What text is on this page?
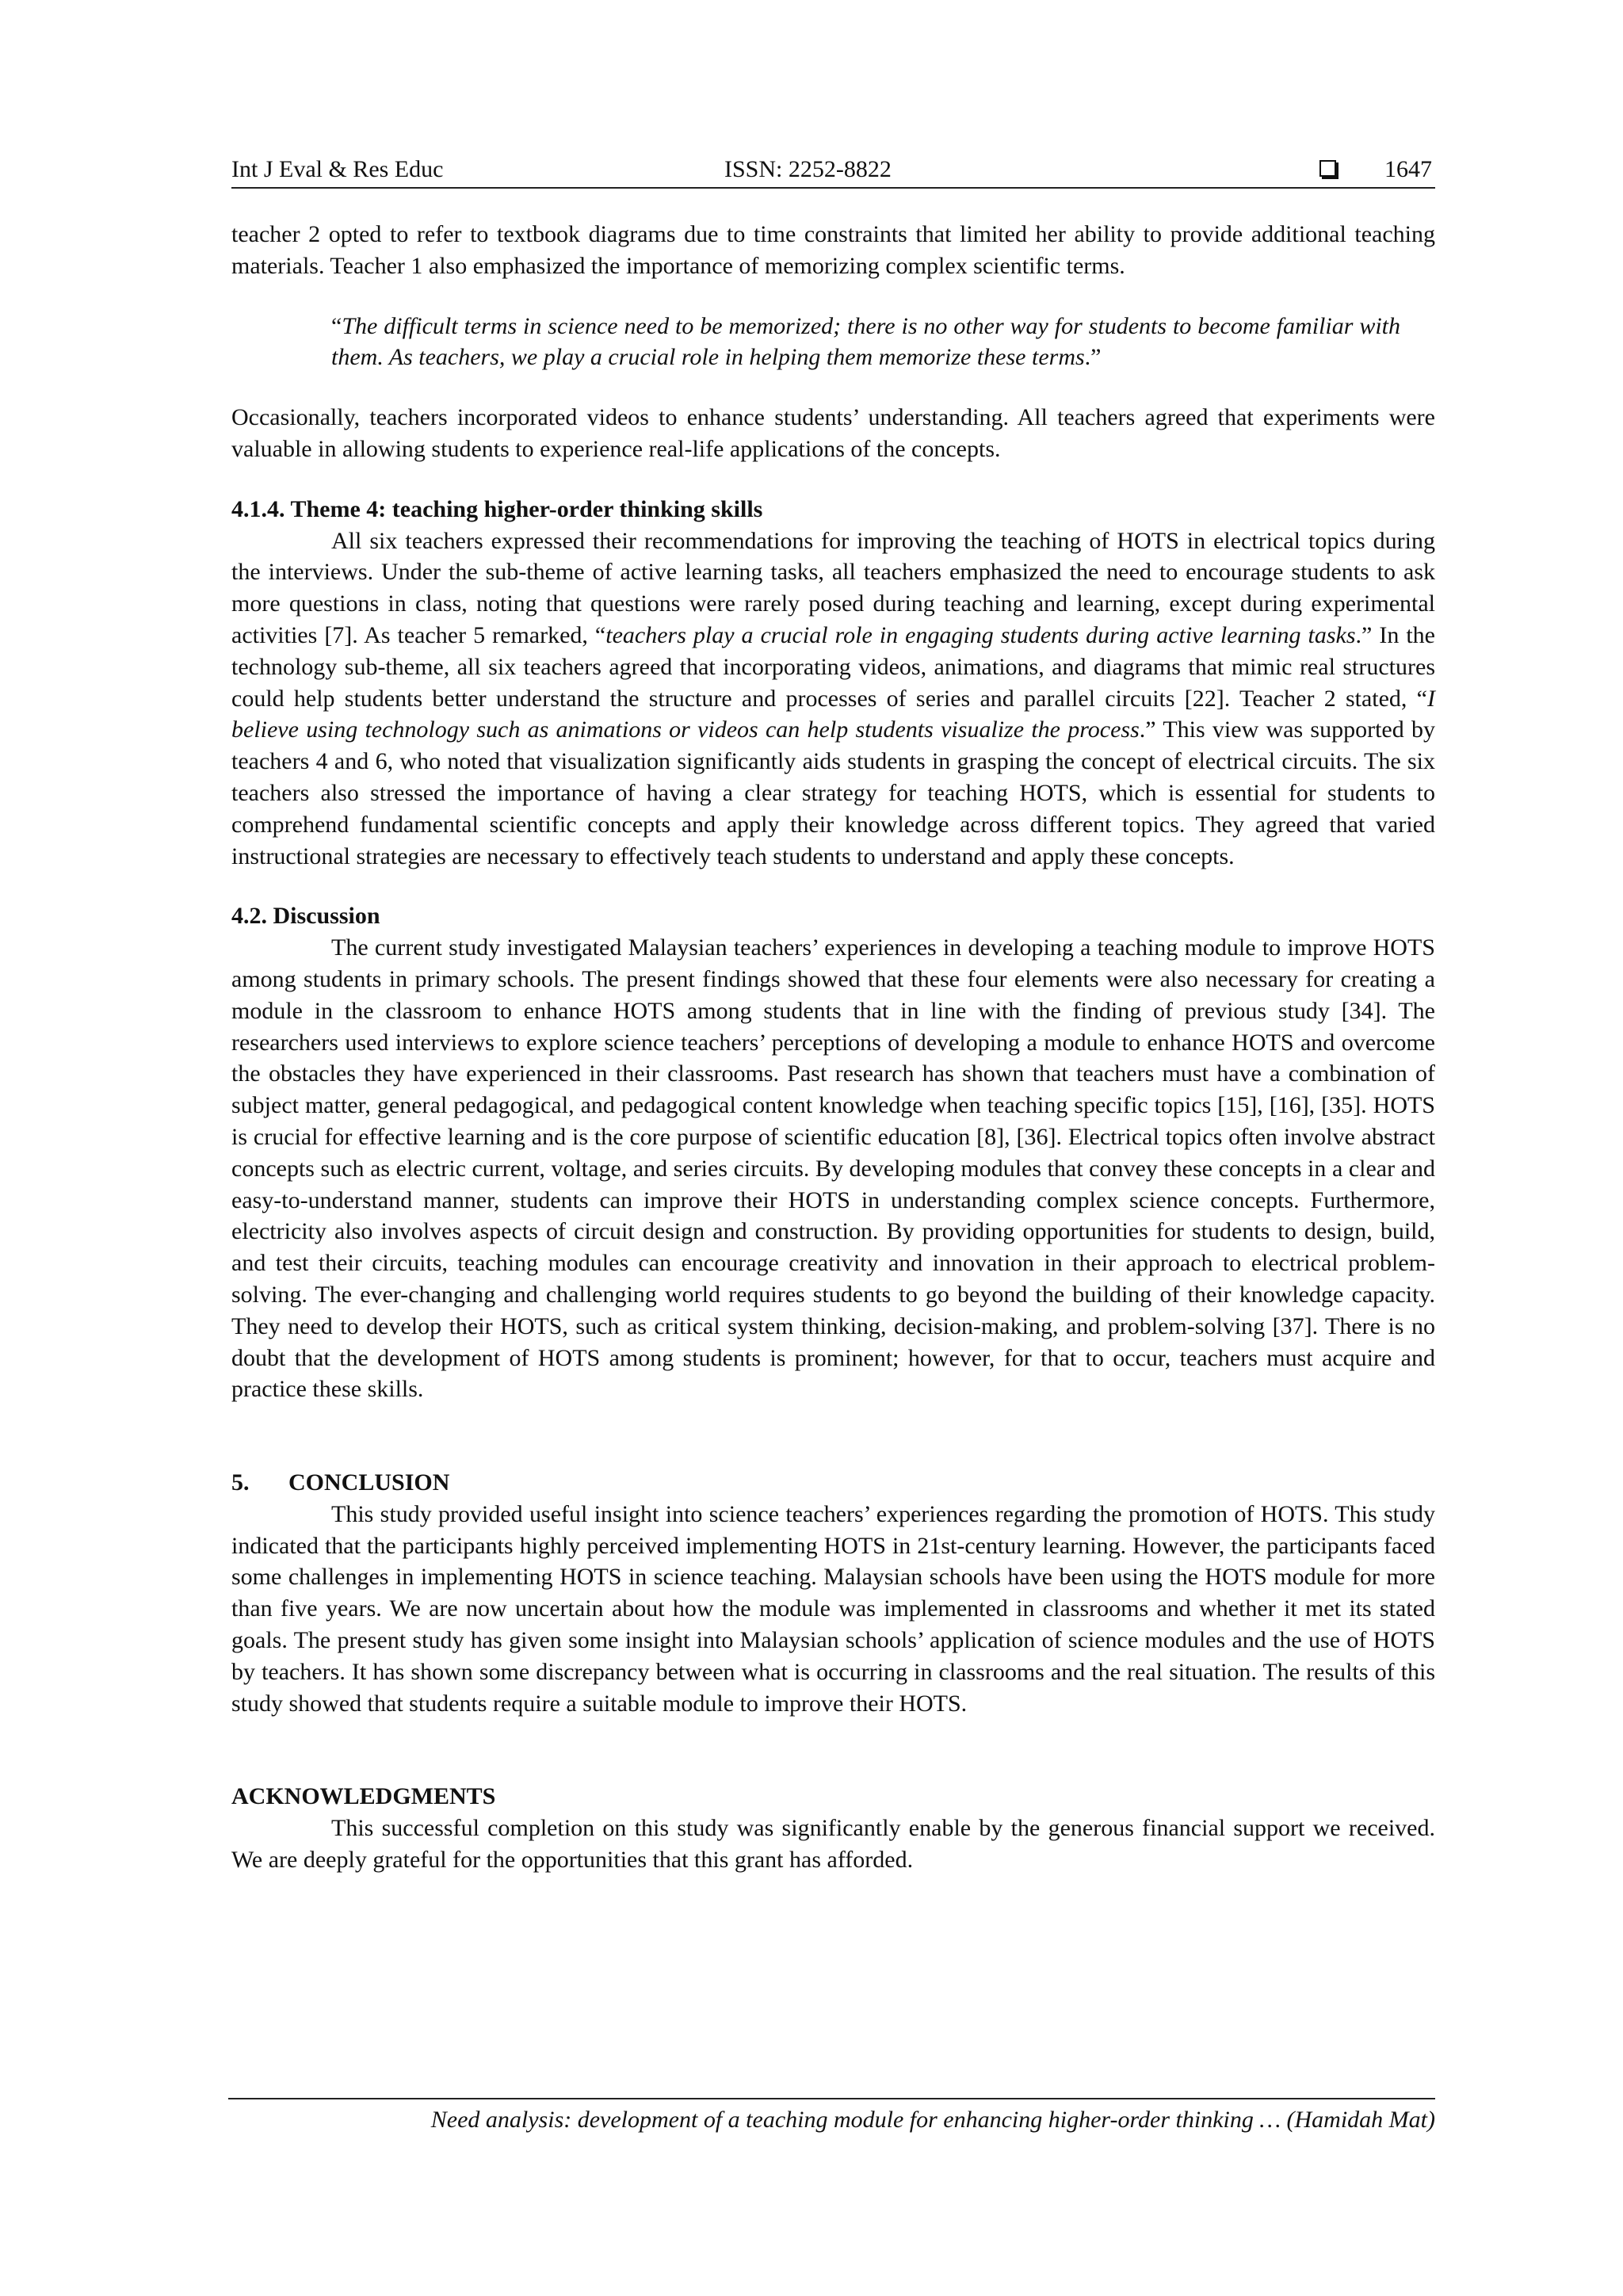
Int J Eval & Res Educ	ISSN: 2252-8822	1647

teacher 2 opted to refer to textbook diagrams due to time constraints that limited her ability to provide additional teaching materials. Teacher 1 also emphasized the importance of memorizing complex scientific terms.

“The difficult terms in science need to be memorized; there is no other way for students to become familiar with them. As teachers, we play a crucial role in helping them memorize these terms.”

Occasionally, teachers incorporated videos to enhance students’ understanding. All teachers agreed that experiments were valuable in allowing students to experience real-life applications of the concepts.

4.1.4. Theme 4: teaching higher-order thinking skills

All six teachers expressed their recommendations for improving the teaching of HOTS in electrical topics during the interviews. Under the sub-theme of active learning tasks, all teachers emphasized the need to encourage students to ask more questions in class, noting that questions were rarely posed during teaching and learning, except during experimental activities [7]. As teacher 5 remarked, “teachers play a crucial role in engaging students during active learning tasks.” In the technology sub-theme, all six teachers agreed that incorporating videos, animations, and diagrams that mimic real structures could help students better understand the structure and processes of series and parallel circuits [22]. Teacher 2 stated, “I believe using technology such as animations or videos can help students visualize the process.” This view was supported by teachers 4 and 6, who noted that visualization significantly aids students in grasping the concept of electrical circuits. The six teachers also stressed the importance of having a clear strategy for teaching HOTS, which is essential for students to comprehend fundamental scientific concepts and apply their knowledge across different topics. They agreed that varied instructional strategies are necessary to effectively teach students to understand and apply these concepts.

4.2. Discussion

The current study investigated Malaysian teachers’ experiences in developing a teaching module to improve HOTS among students in primary schools. The present findings showed that these four elements were also necessary for creating a module in the classroom to enhance HOTS among students that in line with the finding of previous study [34]. The researchers used interviews to explore science teachers’ perceptions of developing a module to enhance HOTS and overcome the obstacles they have experienced in their classrooms. Past research has shown that teachers must have a combination of subject matter, general pedagogical, and pedagogical content knowledge when teaching specific topics [15], [16], [35]. HOTS is crucial for effective learning and is the core purpose of scientific education [8], [36]. Electrical topics often involve abstract concepts such as electric current, voltage, and series circuits. By developing modules that convey these concepts in a clear and easy-to-understand manner, students can improve their HOTS in understanding complex science concepts. Furthermore, electricity also involves aspects of circuit design and construction. By providing opportunities for students to design, build, and test their circuits, teaching modules can encourage creativity and innovation in their approach to electrical problem-solving. The ever-changing and challenging world requires students to go beyond the building of their knowledge capacity. They need to develop their HOTS, such as critical system thinking, decision-making, and problem-solving [37]. There is no doubt that the development of HOTS among students is prominent; however, for that to occur, teachers must acquire and practice these skills.

5. CONCLUSION

This study provided useful insight into science teachers’ experiences regarding the promotion of HOTS. This study indicated that the participants highly perceived implementing HOTS in 21st-century learning. However, the participants faced some challenges in implementing HOTS in science teaching. Malaysian schools have been using the HOTS module for more than five years. We are now uncertain about how the module was implemented in classrooms and whether it met its stated goals. The present study has given some insight into Malaysian schools’ application of science modules and the use of HOTS by teachers. It has shown some discrepancy between what is occurring in classrooms and the real situation. The results of this study showed that students require a suitable module to improve their HOTS.

ACKNOWLEDGMENTS

This successful completion on this study was significantly enable by the generous financial support we received. We are deeply grateful for the opportunities that this grant has afforded.

Need analysis: development of a teaching module for enhancing higher-order thinking … (Hamidah Mat)
